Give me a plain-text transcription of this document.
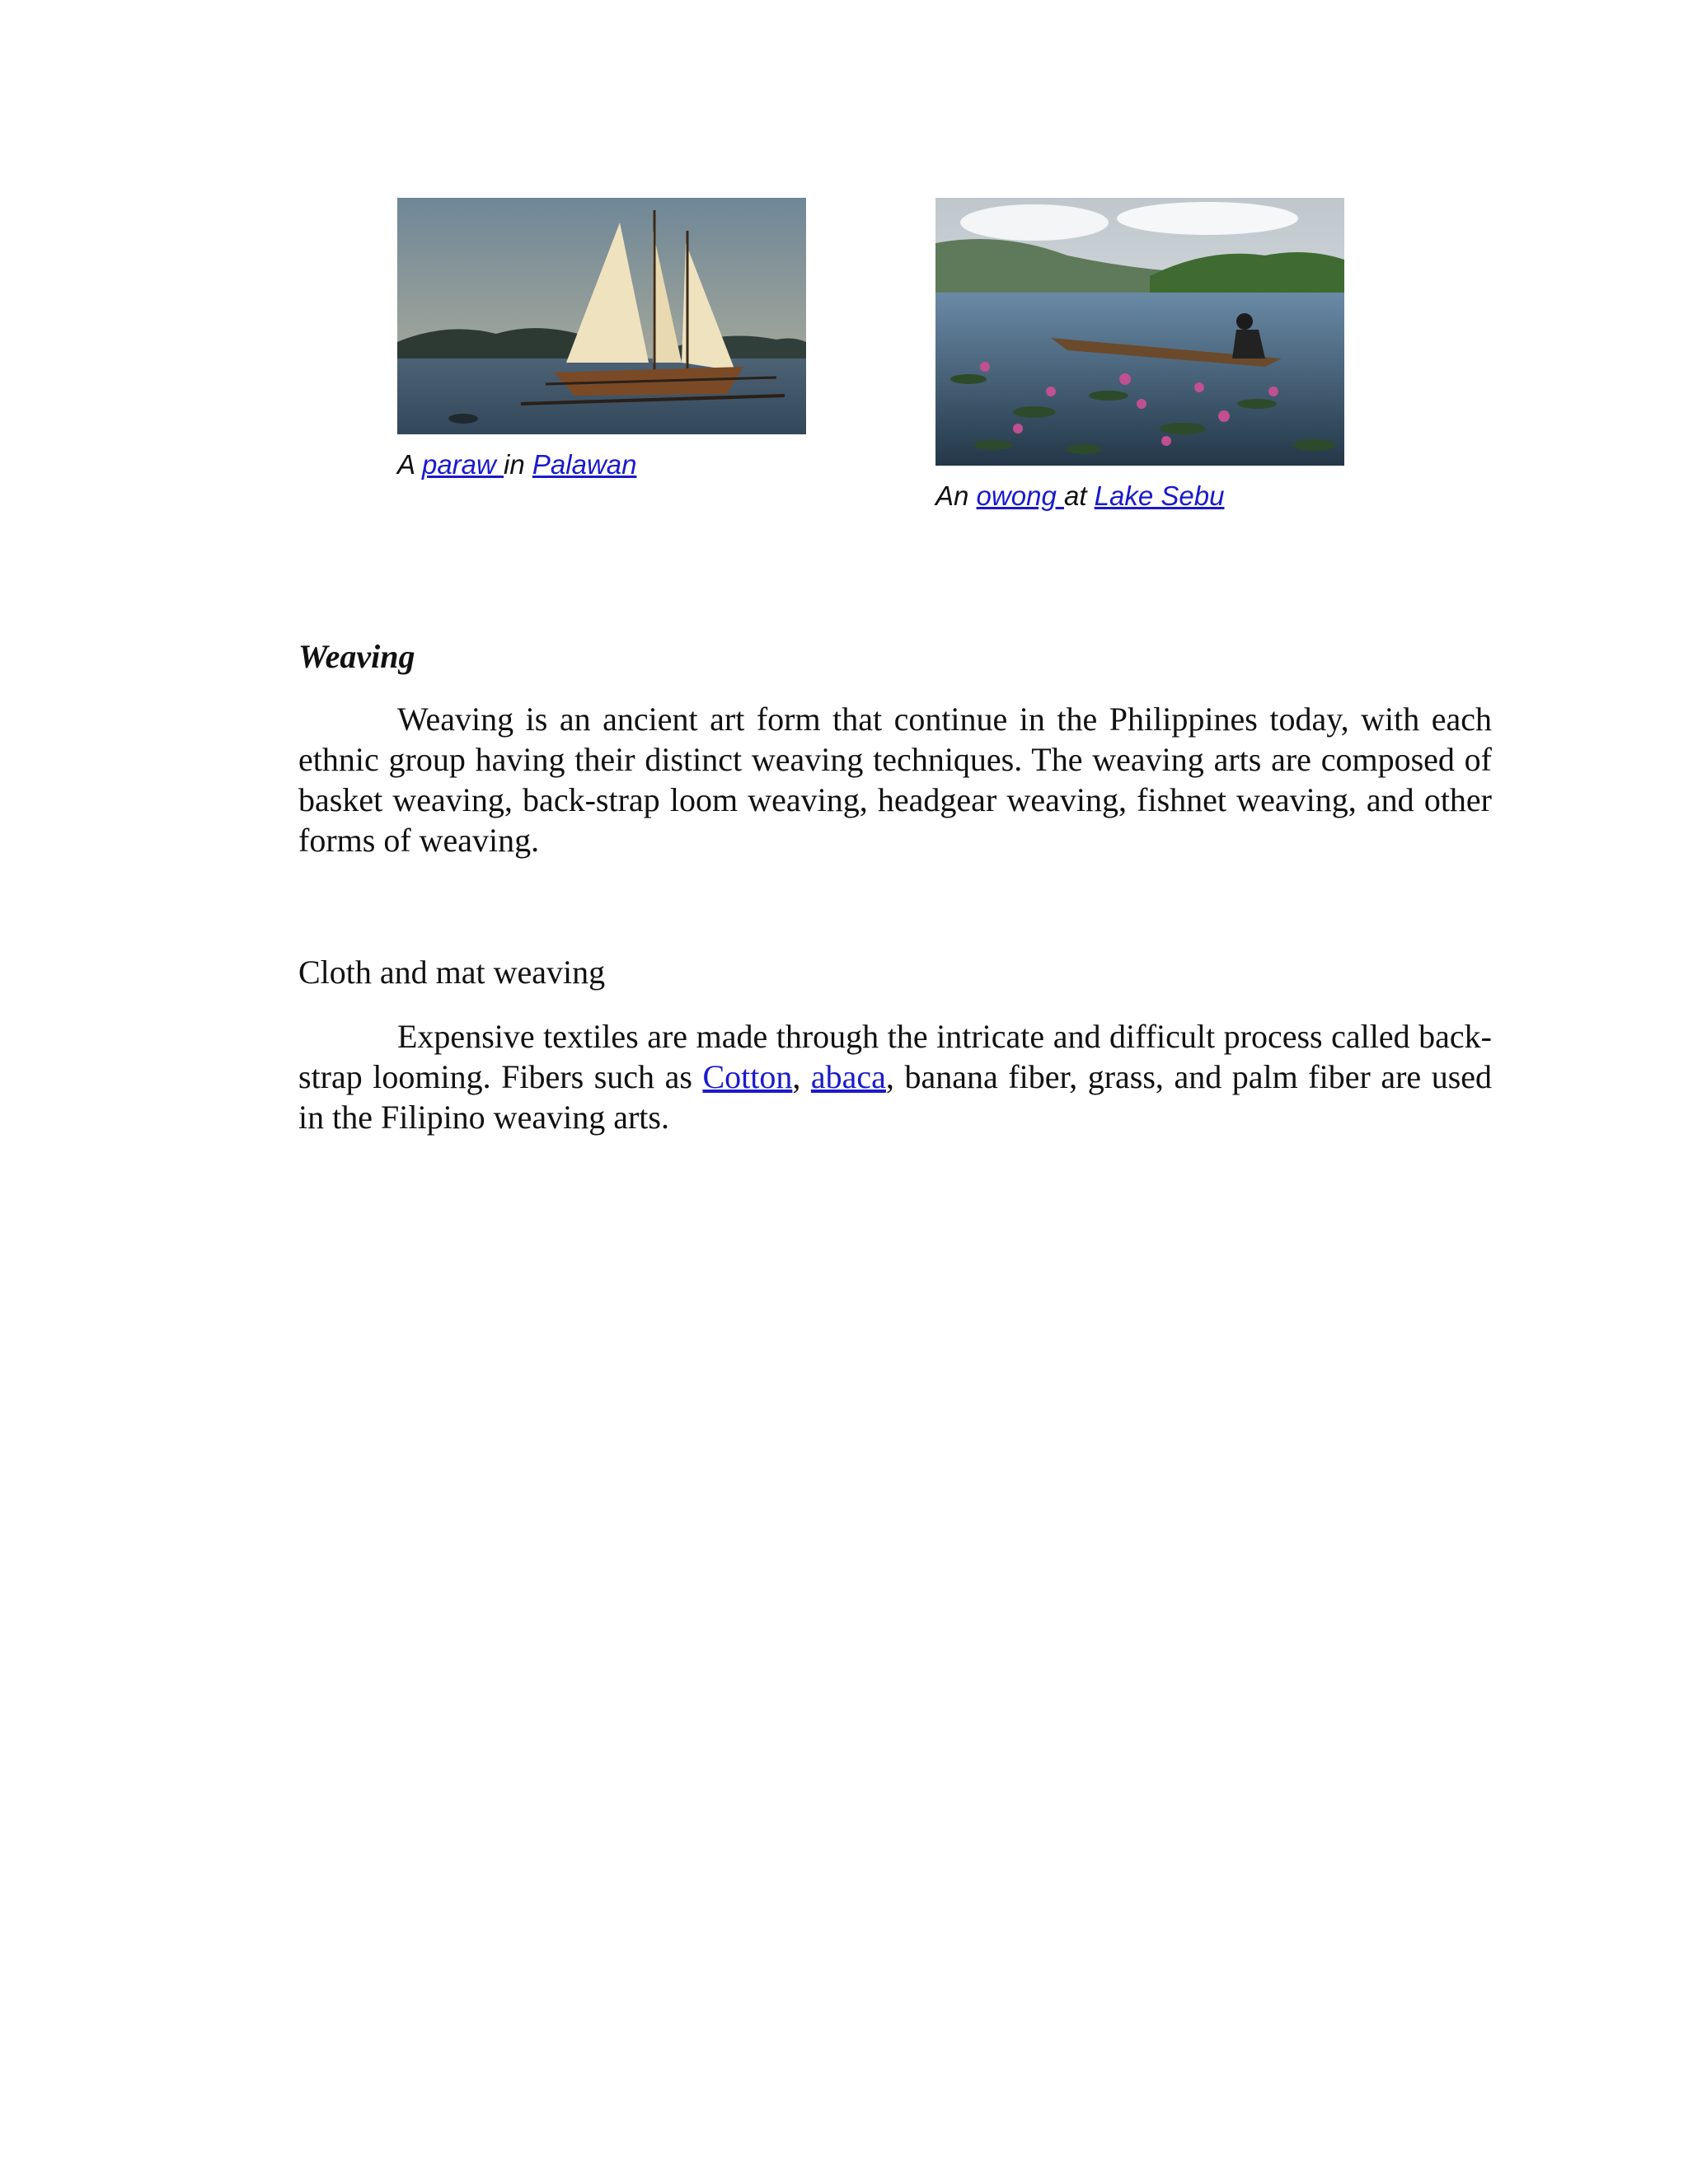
A paraw in Palawan
An owong at Lake Sebu
Weaving

Weaving is an ancient art form that continue in the Philippines today, with each ethnic group having their distinct weaving techniques. The weaving arts are composed of basket weaving, back-strap loom weaving, headgear weaving, fishnet weaving, and other forms of weaving.

Cloth and mat weaving

Expensive textiles are made through the intricate and difficult process called back-strap looming. Fibers such as Cotton, abaca, banana fiber, grass, and palm fiber are used in the Filipino weaving arts.
